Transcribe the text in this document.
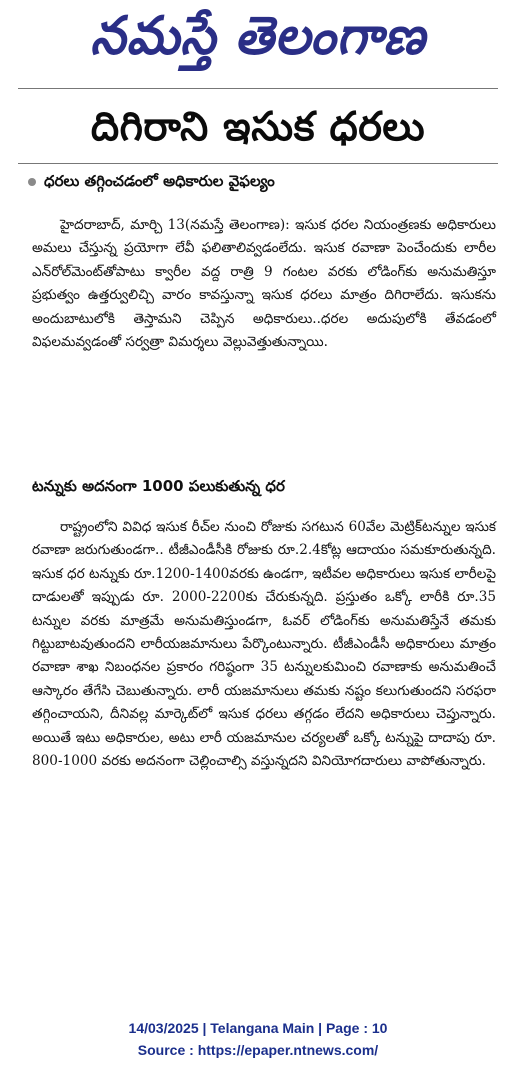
నమస్తే తెలంగాణ
దిగిరాని ఇసుక ధరలు
ధరలు తగ్గించడంలో అధికారుల వైఫల్యం
హైదరాబాద్, మార్చి 13(నమస్తే తెలంగాణ): ఇసుక ధరల నియంత్రణకు అధికారులు అమలు చేస్తున్న ప్రయోగా లేవీ ఫలితాలివ్వడంలేదు. ఇసుక రవాణా పెంచేందుకు లారీల ఎన్‌రోల్‌మెంట్‌తోపాటు క్వారీల వద్ద రాత్రి 9 గంటల వరకు లోడింగ్‌కు అనుమతిస్తూ ప్రభుత్వం ఉత్తర్వులిచ్చి వారం కావస్తున్నా ఇసుక ధరలు మాత్రం దిగిరాలేదు. ఇసుకను అందుబాటులోకి తెస్తామని చెప్పిన అధికారులు..ధరల అదుపులోకి తేవడంలో విఫలమవ్వడంతో సర్వత్రా విమర్శలు వెల్లువెత్తుతున్నాయి.
టన్నుకు అదనంగా 1000 పలుకుతున్న ధర
రాష్ట్రంలోని వివిధ ఇసుక రీచ్‌ల నుంచి రోజుకు సగటున 60వేల మెట్రిక్‌టన్నుల ఇసుక రవాణా జరుగుతుండగా.. టీజీఎండీసీకి రోజుకు రూ.2.4కోట్ల ఆదాయం సమకూరుతున్నది. ఇసుక ధర టన్నుకు రూ.1200-1400వరకు ఉండగా, ఇటీవల అధికారులు ఇసుక లారీలపై దాడులతో ఇప్పుడు రూ. 2000-2200కు చేరుకున్నది. ప్రస్తుతం ఒక్కో లారీకి రూ.35 టన్నుల వరకు మాత్రమే అనుమతిస్తుండగా, ఓవర్ లోడింగ్‌కు అనుమతిస్తేనే తమకు గిట్టుబాటవుతుందని లారీయజమానులు పేర్కొంటున్నారు. టీజీఎండీసీ అధికారులు మాత్రం రవాణా శాఖ నిబంధనల ప్రకారం గరిష్ఠంగా 35 టన్నులకుమించి రవాణాకు అనుమతించే ఆస్కారం తేగేసి చెబుతున్నారు. లారీ యజమానులు తమకు నష్టం కలుగుతుందని సరఫరా తగ్గించాయని, దీనివల్ల మార్కెట్‌లో ఇసుక ధరలు తగ్గడం లేదని అధికారులు చెప్తున్నారు. అయితే ఇటు అధికారుల, అటు లారీ యజమానుల చర్యలతో ఒక్కో టన్నుపై దాదాపు రూ. 800-1000 వరకు అదనంగా చెల్లించాల్సి వస్తున్నదని వినియోగదారులు వాపోతున్నారు.
14/03/2025 | Telangana Main | Page : 10
Source : https://epaper.ntnews.com/
